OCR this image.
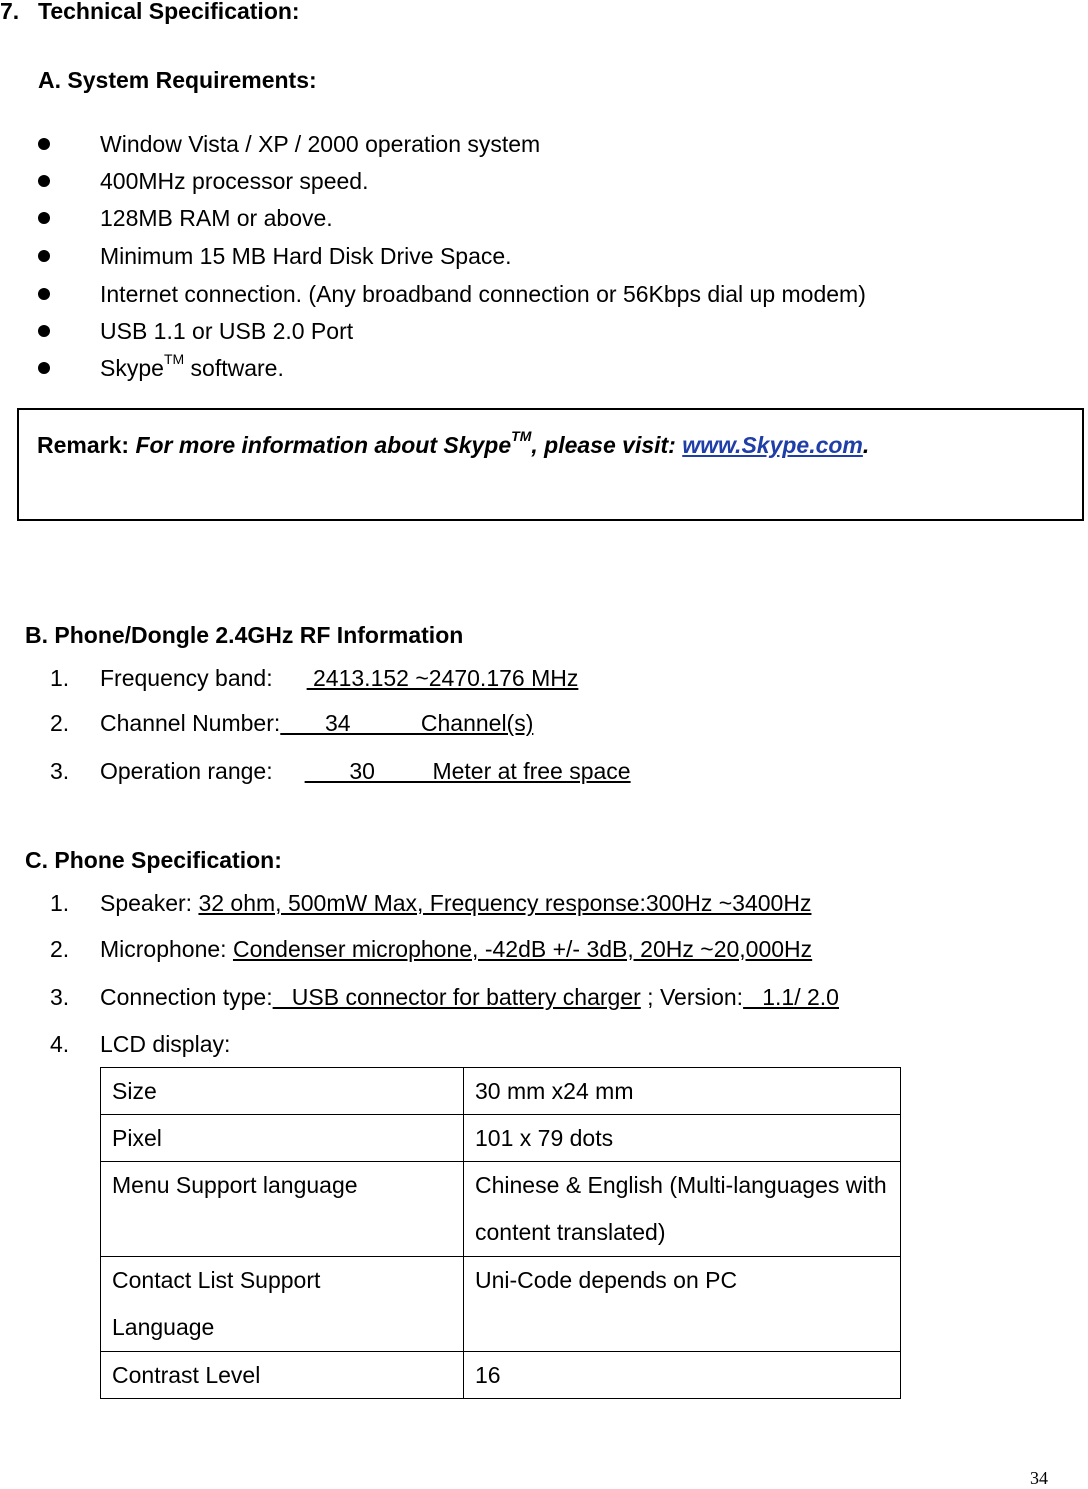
7. Technical Specification:
A. System Requirements:
Window Vista / XP / 2000 operation system
400MHz processor speed.
128MB RAM or above.
Minimum 15 MB Hard Disk Drive Space.
Internet connection. (Any broadband connection or 56Kbps dial up modem)
USB 1.1 or USB 2.0 Port
Skype™ software.
Remark: For more information about Skype™, please visit: www.Skype.com.
B. Phone/Dongle 2.4GHz RF Information
1. Frequency band: 2413.152 ~2470.176 MHz
2. Channel Number:       34           Channel(s)
3. Operation range:       30         Meter at free space
C. Phone Specification:
1. Speaker: 32 ohm, 500mW Max, Frequency response:300Hz ~3400Hz
2. Microphone: Condenser microphone, -42dB +/- 3dB, 20Hz ~20,000Hz
3. Connection type:   USB connector for battery charger ; Version:   1.1/ 2.0
4. LCD display:
Size	30 mm x24 mm
Pixel	101 x 79 dots
Menu Support language	Chinese & English (Multi-languages with content translated)
Contact List Support Language	Uni-Code depends on PC
Contrast Level	16
34
